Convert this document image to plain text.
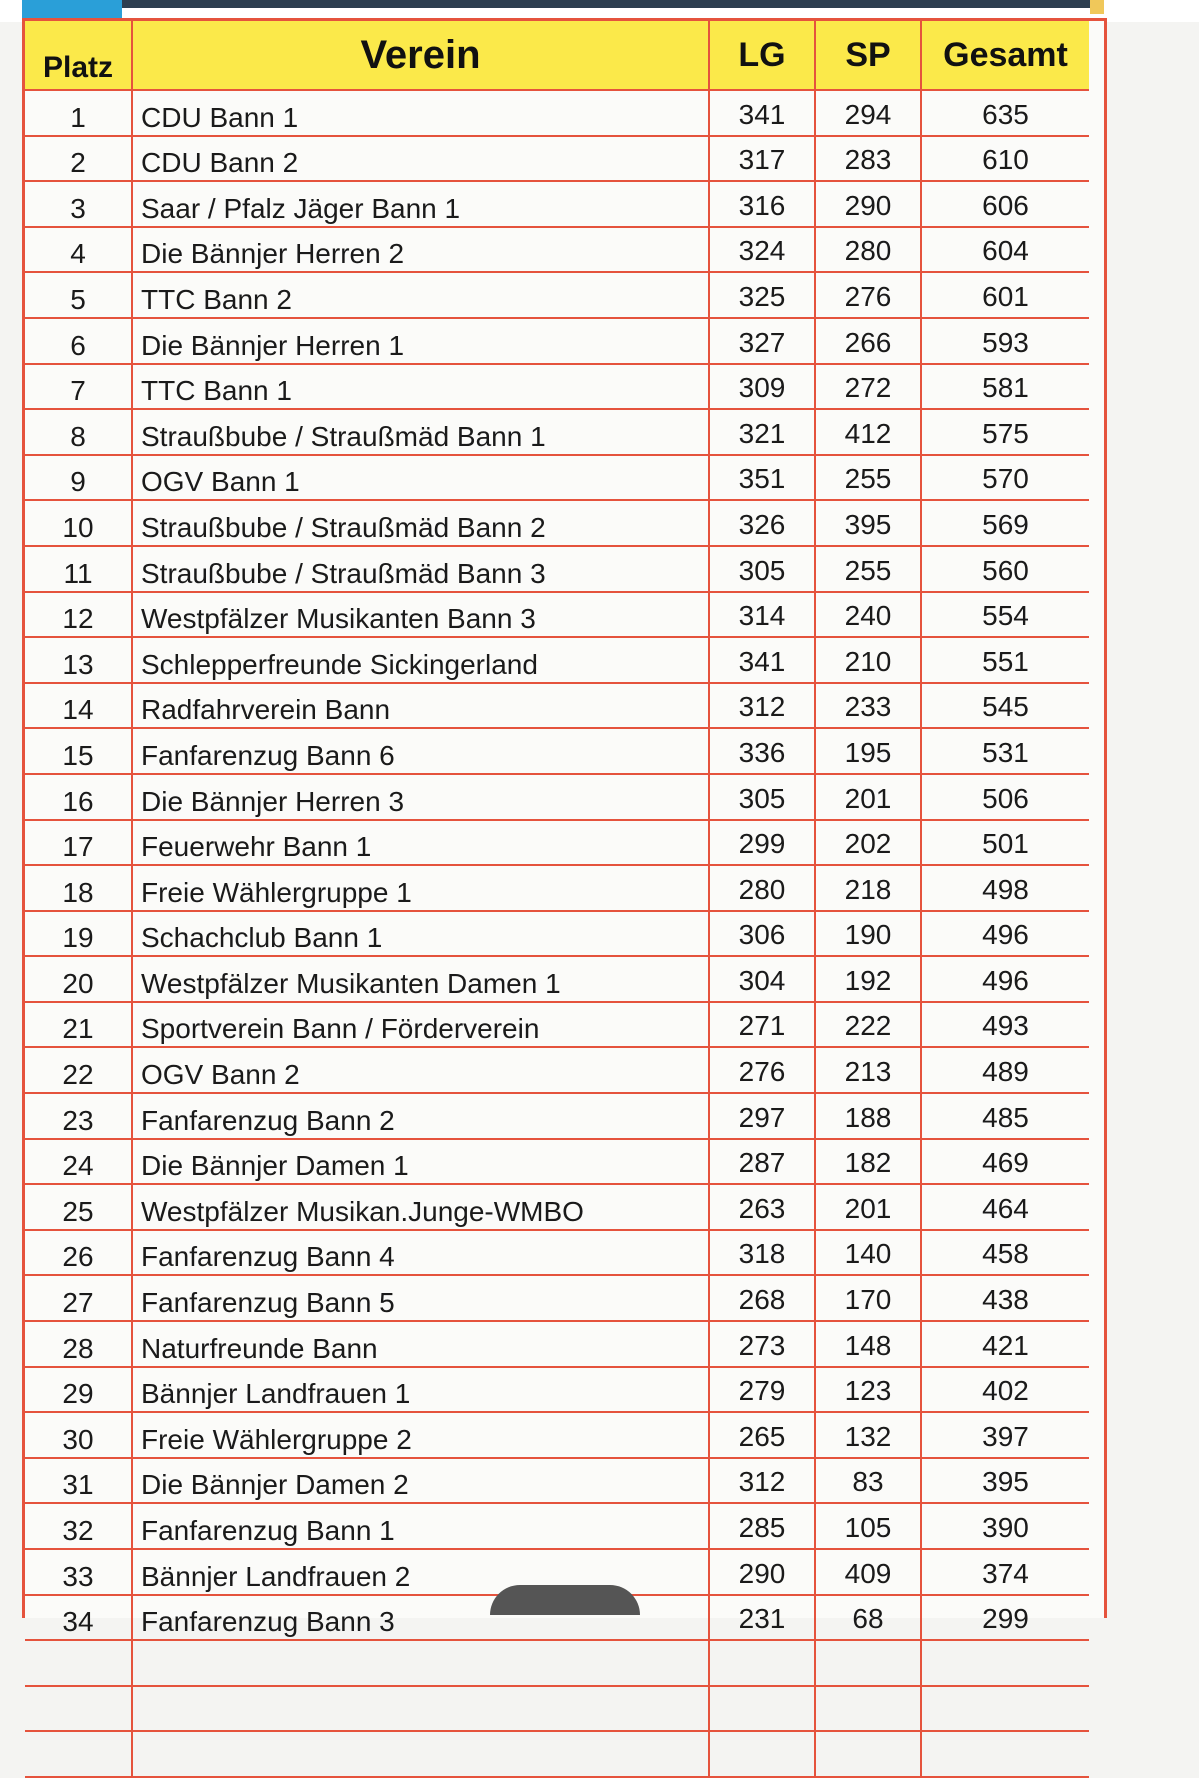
Platz	Verein	LG	SP	Gesamt
1	CDU Bann 1	341	294	635
2	CDU Bann 2	317	283	610
3	Saar / Pfalz Jäger Bann 1	316	290	606
4	Die Bännjer Herren 2	324	280	604
5	TTC Bann 2	325	276	601
6	Die Bännjer Herren 1	327	266	593
7	TTC Bann 1	309	272	581
8	Straußbube / Straußmäd Bann 1	321	412	575
9	OGV Bann 1	351	255	570
10	Straußbube / Straußmäd Bann 2	326	395	569
11	Straußbube / Straußmäd Bann 3	305	255	560
12	Westpfälzer Musikanten Bann 3	314	240	554
13	Schlepperfreunde Sickingerland	341	210	551
14	Radfahrverein Bann	312	233	545
15	Fanfarenzug Bann 6	336	195	531
16	Die Bännjer Herren 3	305	201	506
17	Feuerwehr Bann 1	299	202	501
18	Freie Wählergruppe 1	280	218	498
19	Schachclub Bann 1	306	190	496
20	Westpfälzer Musikanten Damen 1	304	192	496
21	Sportverein Bann / Förderverein	271	222	493
22	OGV Bann 2	276	213	489
23	Fanfarenzug Bann 2	297	188	485
24	Die Bännjer Damen 1	287	182	469
25	Westpfälzer Musikan.Junge-WMBO	263	201	464
26	Fanfarenzug Bann 4	318	140	458
27	Fanfarenzug Bann 5	268	170	438
28	Naturfreunde Bann	273	148	421
29	Bännjer Landfrauen 1	279	123	402
30	Freie Wählergruppe 2	265	132	397
31	Die Bännjer Damen 2	312	83	395
32	Fanfarenzug Bann 1	285	105	390
33	Bännjer Landfrauen 2	290	409	374
34	Fanfarenzug Bann 3	231	68	299
